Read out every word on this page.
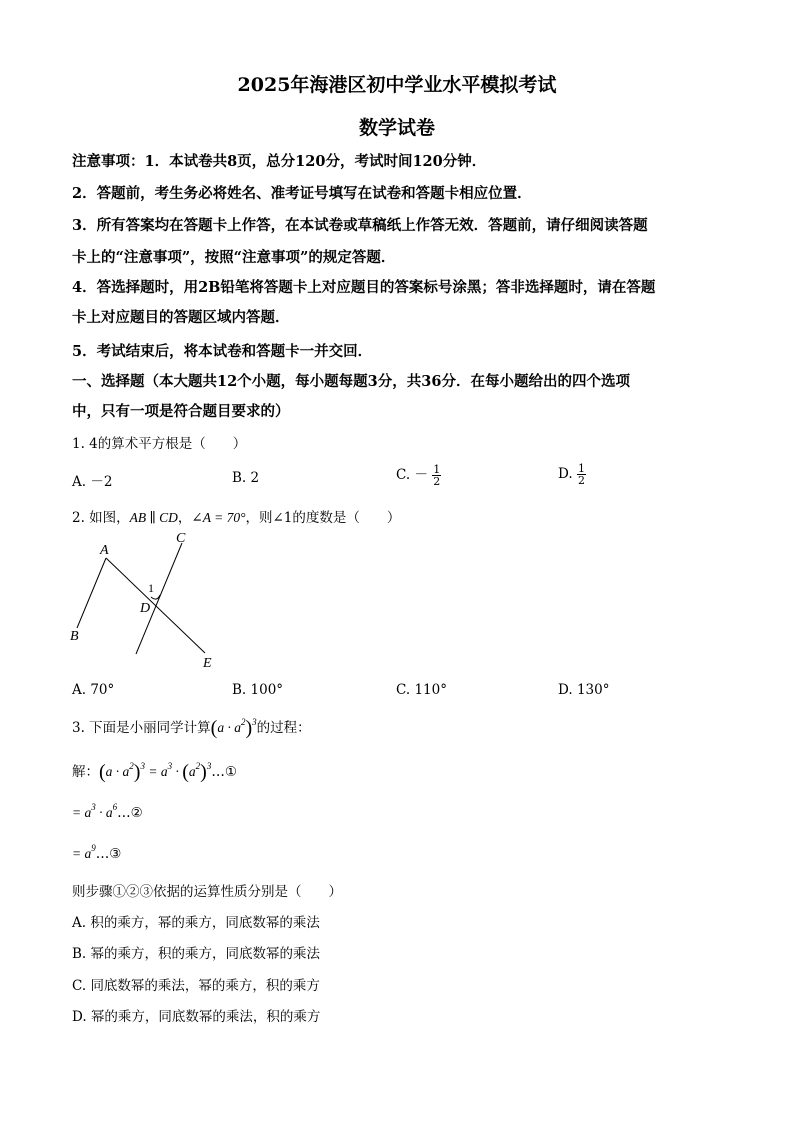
2025年海港区初中学业水平模拟考试
数学试卷
注意事项：1．本试卷共8页，总分120分，考试时间120分钟．
2．答题前，考生务必将姓名、准考证号填写在试卷和答题卡相应位置．
3．所有答案均在答题卡上作答，在本试卷或草稿纸上作答无效．答题前，请仔细阅读答题
卡上的“注意事项”，按照“注意事项”的规定答题．
4．答选择题时，用2B铅笔将答题卡上对应题目的答案标号涂黑；答非选择题时，请在答题
卡上对应题目的答题区域内答题．
5．考试结束后，将本试卷和答题卡一并交回．
一、选择题（本大题共12个小题，每小题每题3分，共36分．在每小题给出的四个选项
中，只有一项是符合题目要求的）
1. 4的算术平方根是（　　）
A. －2	B. 2	C. － $\frac{1}{2}$	D. $\frac{1}{2}$
2. 如图，AB ∥ CD，∠A = 70°，则∠1的度数是（　　）
A
B
C
D
E
1
A. 70°	B. 100°	C. 110°	D. 130°
3. 下面是小丽同学计算$(a \cdot a^2)^3$的过程：
解：$(a \cdot a^2)^3 = a^3$ · $(a^2)^3\dots ①$
= $a^3$ · $a^6\dots ②$
= $a^9\dots ③$
则步骤①②③依据的运算性质分别是（　　）
A. 积的乘方，幂的乘方，同底数幂的乘法
B. 幂的乘方，积的乘方，同底数幂的乘法
C. 同底数幂的乘法，幂的乘方，积的乘方
D. 幂的乘方，同底数幂的乘法，积的乘方
